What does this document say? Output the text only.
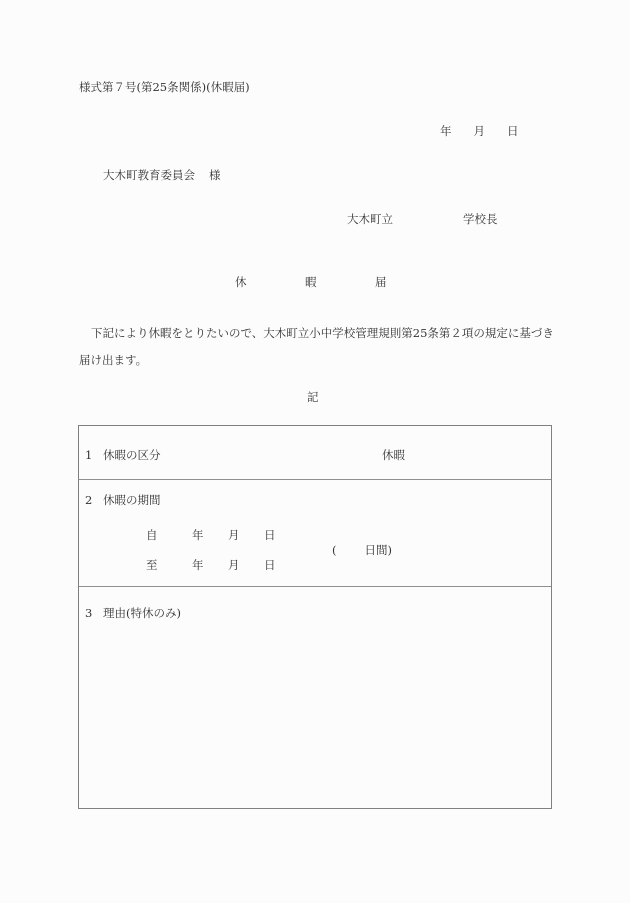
様式第７号(第25条関係)(休暇届)
年 月 日
大木町教育委員会 様
大木町立	学校長
休	暇	届
下記により休暇をとりたいので、大木町立小中学校管理規則第25条第２項の規定に基づき届け出ます。
記
1 休暇の区分	休暇
2 休暇の期間
自	年 月 日
至	年 月 日
( 日間)
3 理由(特休のみ)
